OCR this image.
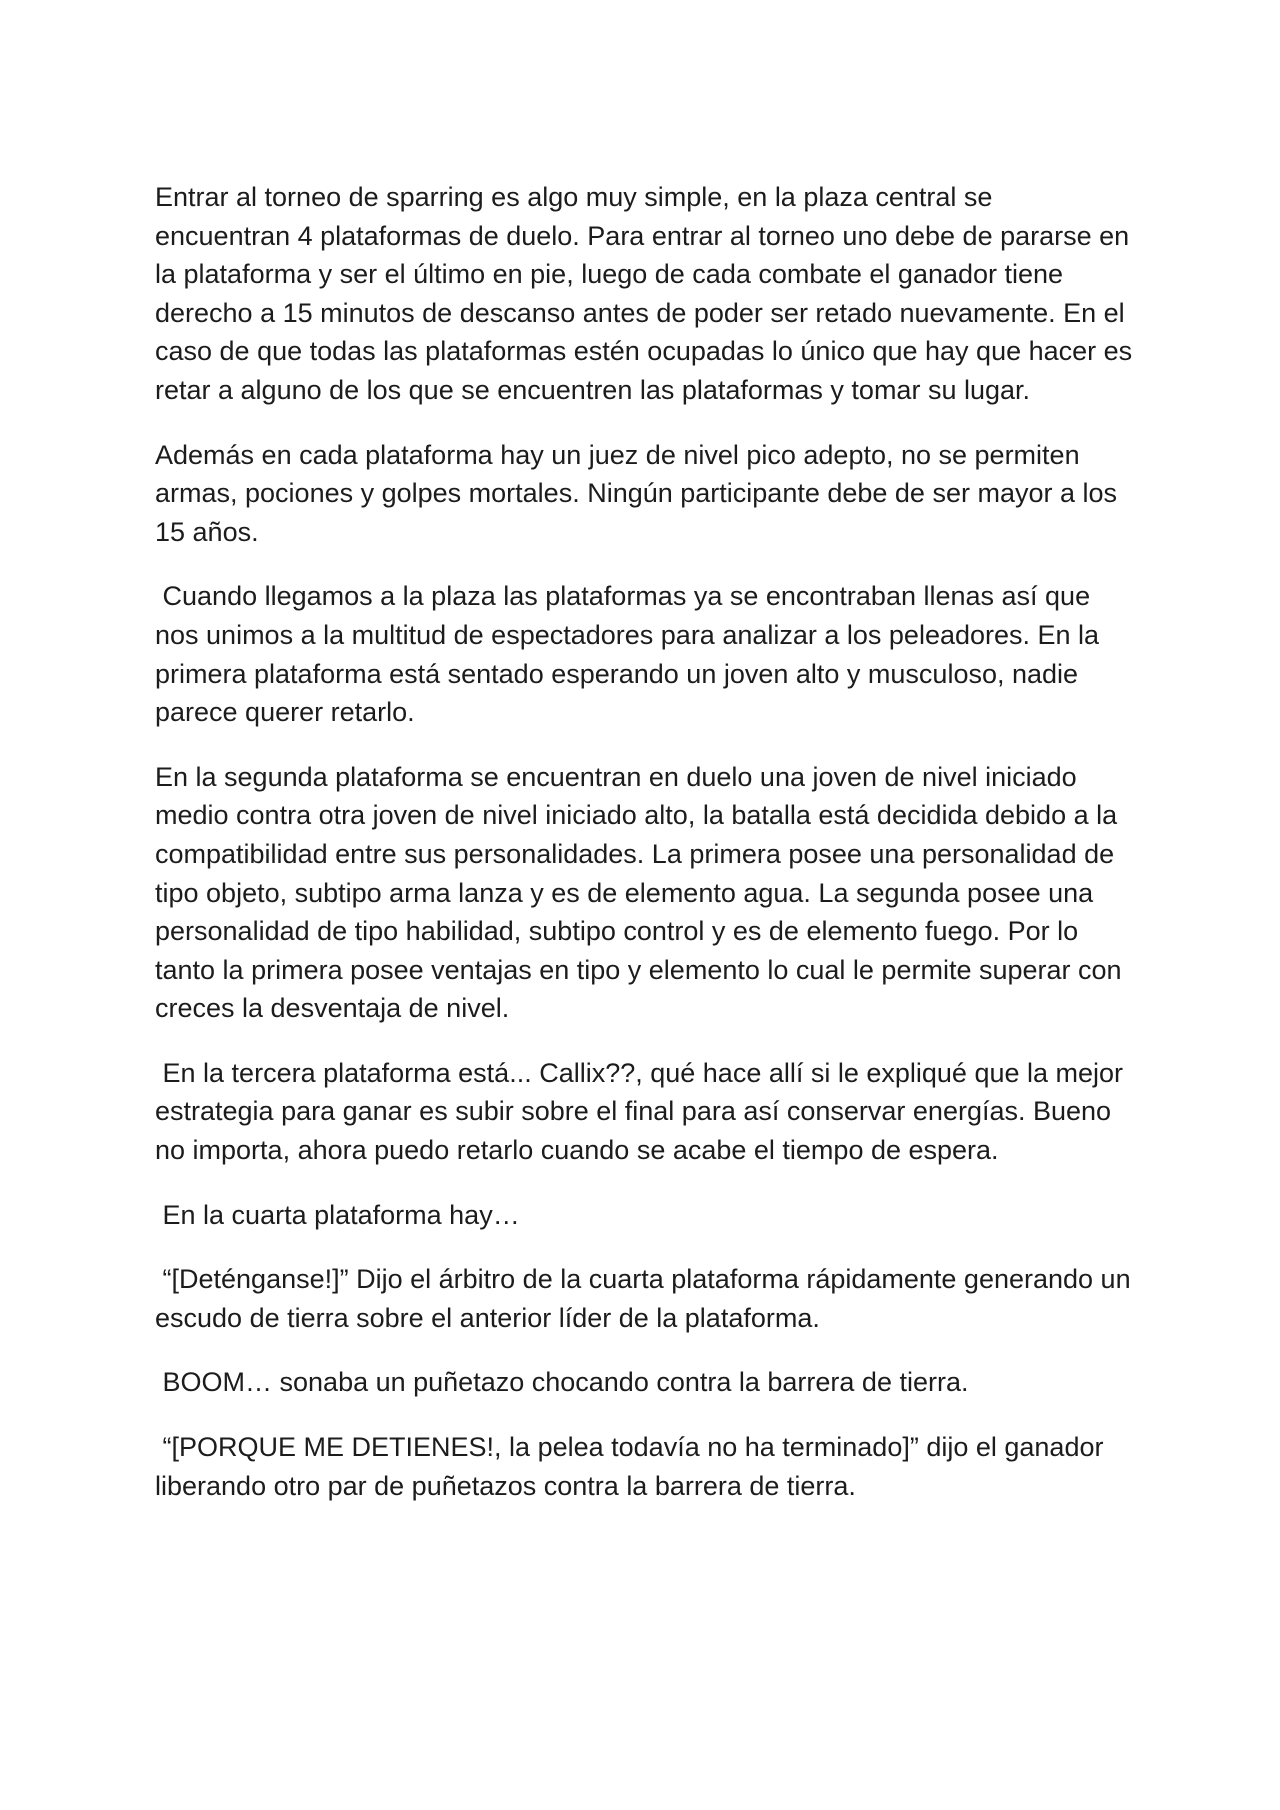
Entrar al torneo de sparring es algo muy simple, en la plaza central se encuentran 4 plataformas de duelo. Para entrar al torneo uno debe de pararse en la plataforma y ser el último en pie, luego de cada combate el ganador tiene derecho a 15 minutos de descanso antes de poder ser retado nuevamente. En el caso de que todas las plataformas estén ocupadas lo único que hay que hacer es retar a alguno de los que se encuentren las plataformas y tomar su lugar.

Además en cada plataforma hay un juez de nivel pico adepto, no se permiten armas, pociones y golpes mortales. Ningún participante debe de ser mayor a los 15 años.

Cuando llegamos a la plaza las plataformas ya se encontraban llenas así que nos unimos a la multitud de espectadores para analizar a los peleadores. En la primera plataforma está sentado esperando un joven alto y musculoso, nadie parece querer retarlo.

En la segunda plataforma se encuentran en duelo una joven de nivel iniciado medio contra otra joven de nivel iniciado alto, la batalla está decidida debido a la compatibilidad entre sus personalidades. La primera posee una personalidad de tipo objeto, subtipo arma lanza y es de elemento agua. La segunda posee una personalidad de tipo habilidad, subtipo control y es de elemento fuego. Por lo tanto la primera posee ventajas en tipo y elemento lo cual le permite superar con creces la desventaja de nivel.

En la tercera plataforma está... Callix??, qué hace allí si le expliqué que la mejor estrategia para ganar es subir sobre el final para así conservar energías. Bueno no importa, ahora puedo retarlo cuando se acabe el tiempo de espera.

En la cuarta plataforma hay…

“[Deténganse!]” Dijo el árbitro de la cuarta plataforma rápidamente generando un escudo de tierra sobre el anterior líder de la plataforma.

BOOM… sonaba un puñetazo chocando contra la barrera de tierra.

“[PORQUE ME DETIENES!, la pelea todavía no ha terminado]” dijo el ganador liberando otro par de puñetazos contra la barrera de tierra.
